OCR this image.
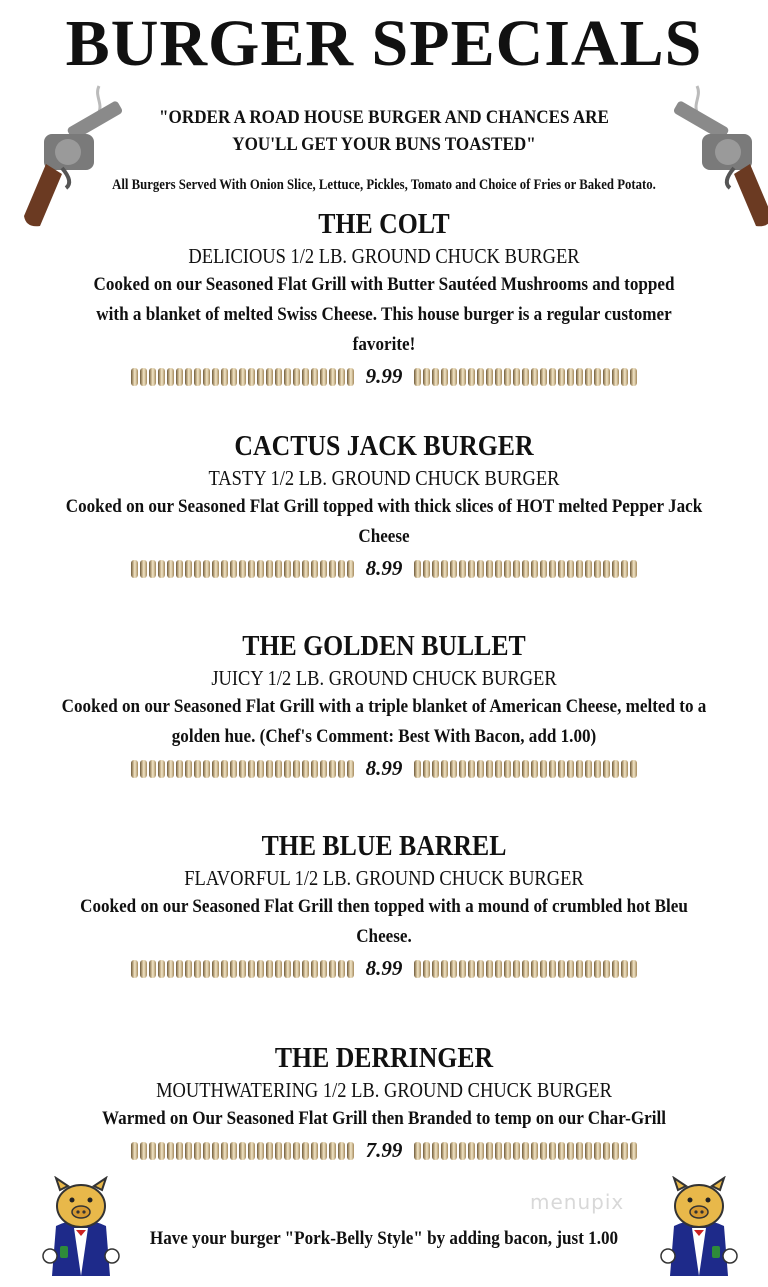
BURGER SPECIALS
"ORDER A ROAD HOUSE BURGER AND CHANCES ARE
YOU'LL GET YOUR BUNS TOASTED"
All Burgers Served With Onion Slice, Lettuce, Pickles, Tomato and Choice of Fries or Baked Potato.
THE COLT
DELICIOUS 1/2 LB. GROUND CHUCK BURGER
Cooked on our Seasoned Flat Grill with Butter Sautéed Mushrooms and topped with a blanket of melted Swiss Cheese. This house burger is a regular customer favorite!
9.99
CACTUS JACK BURGER
TASTY 1/2 LB. GROUND CHUCK BURGER
Cooked on our Seasoned Flat Grill topped with thick slices of HOT melted Pepper Jack Cheese
8.99
THE GOLDEN BULLET
JUICY 1/2 LB. GROUND CHUCK BURGER
Cooked on our Seasoned Flat Grill with a triple blanket of American Cheese, melted to a golden hue. (Chef's Comment: Best With Bacon, add 1.00)
8.99
THE BLUE BARREL
FLAVORFUL 1/2 LB. GROUND CHUCK BURGER
Cooked on our Seasoned Flat Grill then topped with a mound of crumbled hot Bleu Cheese.
8.99
THE DERRINGER
MOUTHWATERING 1/2 LB. GROUND CHUCK BURGER
Warmed on Our Seasoned Flat Grill then Branded to temp on our Char-Grill
7.99
menupix
Have your burger "Pork-Belly Style" by adding bacon, just 1.00
